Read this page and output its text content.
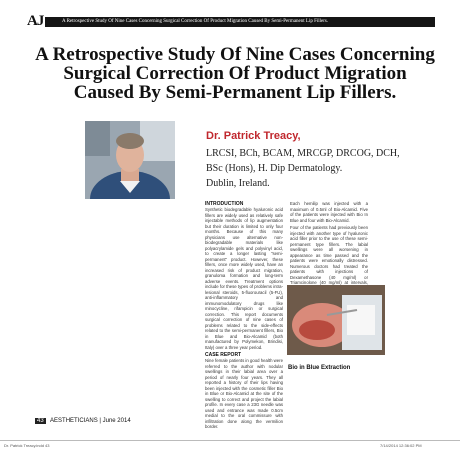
AJ	A Retrospective Study Of Nine Cases Concerning Surgical Correction Of Product Migration Caused By Semi-Permanent Lip Fillers.
A Retrospective Study Of Nine Cases Concerning Surgical Correction Of Product Migration Caused By Semi-Permanent Lip Fillers.
Dr. Patrick Treacy,
LRCSI, BCh, BCAM, MRCGP, DRCOG, DCH,
BSc (Hons), H. Dip Dermatology.
Dublin, Ireland.
INTRODUCTION

Synthetic biodegradable hyaluronic acid fillers are widely used as relatively safe injectable methods of lip augmentation but their duration is limited to only four months. Because of this many physicians use alternative non-biodegradable materials like polyacrylamide gels and polyvinyl acid, to create a longer lasting "semi-permanent" product. However, these fillers, once more widely used, have an increased risk of product migration, granuloma formation and long-term adverse events. Treatment options include for these types of problems intra-lesional steroids, 5-fluorouracil (5-FU), anti-inflammatory and immunomodulatory drugs like minocycline, rifampicin or surgical correction. This report documents surgical correction of nine cases of problems related to the side-effects related to the semi-permanent fillers, Bio in Blue and Bio-Alcamid (both manufactured by Polymekon, Brindisi, Italy) over a three year period.

CASE REPORT

Nine female patients in good health were referred to the author with nodular swellings in their labial area over a period of nearly four years. They all reported a history of their lips having been injected with the cosmetic filler Bio in Blue or Bio-Alcamid at the site of the swelling to correct and project the labial profile. In every case a 23G needle was used and entrance was made 0.5cm medial to the oral commissure with infiltration done along the vermilion border.

Each hemilip was injected with a maximum of 0.5ml of Bio-Alcamid. Five of the patients were injected with Bio In Blue and four with Bio-Alcamid.

Four of the patients had previously been injected with another type of hyaluronic acid filler prior to the use of these semi-permanent type fillers. The labial swellings were all worsening in appearance as time passed and the patients were emotionally distressed. Numerous doctors had treated the patients with injections of Dexamethasone (40 mg/ml) or Triamcinolone (40 mg/ml) at intervals,

Bio in Blue Extraction
43 AESTHETICIANS | June 2014
Dr. Patrick Treacy.indd 43	7/14/2014 12:36:02 PM
